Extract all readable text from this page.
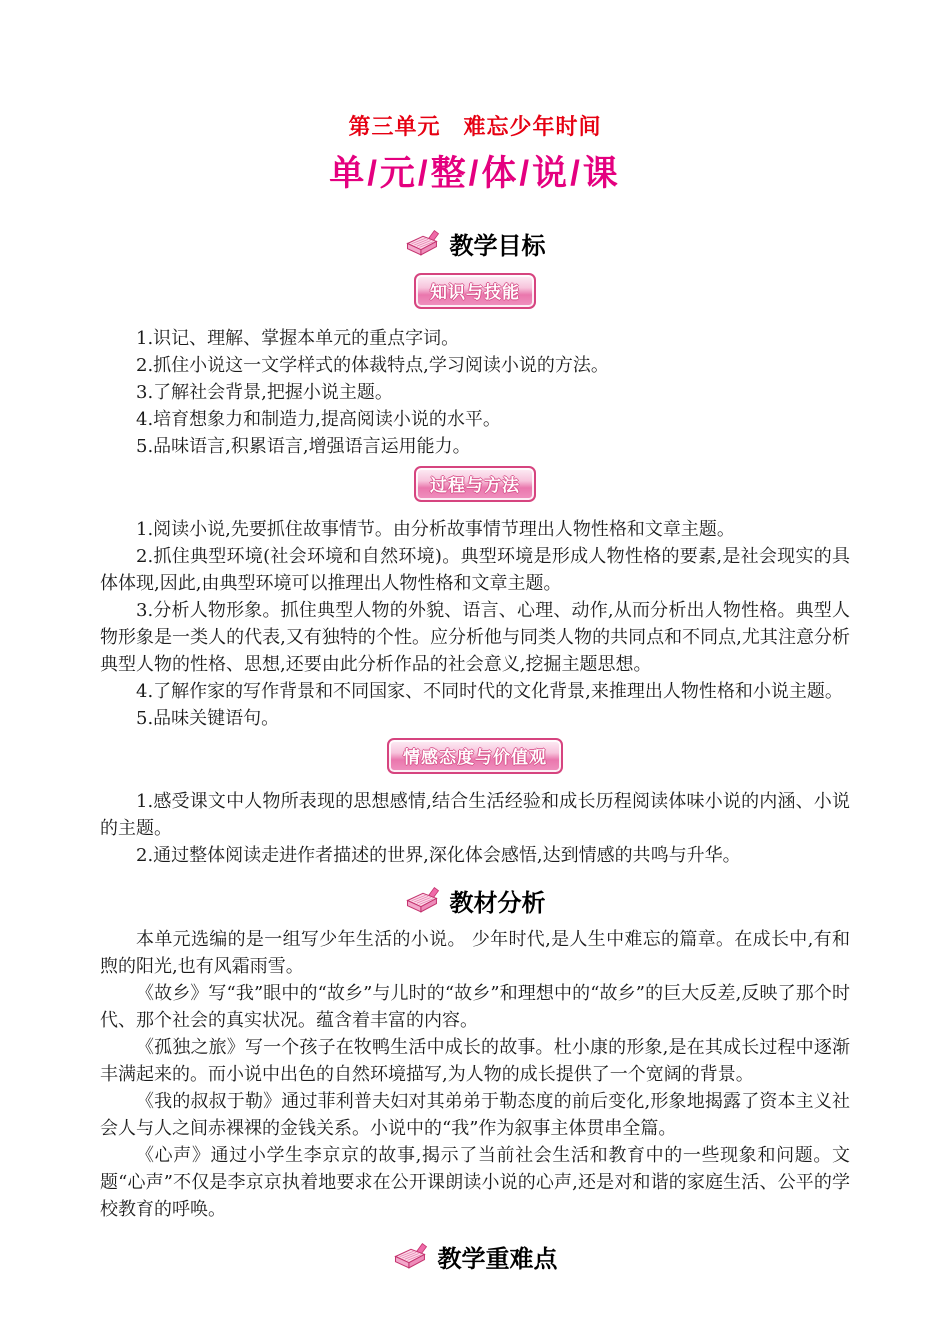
第三单元　难忘少年时间
单/元/整/体/说/课
教学目标
知识与技能

1.识记、理解、掌握本单元的重点字词。

2.抓住小说这一文学样式的体裁特点,学习阅读小说的方法。

3.了解社会背景,把握小说主题。

4.培育想象力和制造力,提高阅读小说的水平。

5.品味语言,积累语言,增强语言运用能力。

过程与方法

1.阅读小说,先要抓住故事情节。由分析故事情节理出人物性格和文章主题。

2.抓住典型环境(社会环境和自然环境)。典型环境是形成人物性格的要素,是社会现实的具体体现,因此,由典型环境可以推理出人物性格和文章主题。

3.分析人物形象。抓住典型人物的外貌、语言、心理、动作,从而分析出人物性格。典型人物形象是一类人的代表,又有独特的个性。应分析他与同类人物的共同点和不同点,尤其注意分析典型人物的性格、思想,还要由此分析作品的社会意义,挖掘主题思想。

4.了解作家的写作背景和不同国家、不同时代的文化背景,来推理出人物性格和小说主题。

5.品味关键语句。

情感态度与价值观

1.感受课文中人物所表现的思想感情,结合生活经验和成长历程阅读体味小说的内涵、小说的主题。

2.通过整体阅读走进作者描述的世界,深化体会感悟,达到情感的共鸣与升华。

教材分析

本单元选编的是一组写少年生活的小说。 少年时代,是人生中难忘的篇章。在成长中,有和煦的阳光,也有风霜雨雪。

《故乡》写“我”眼中的“故乡”与儿时的“故乡”和理想中的“故乡”的巨大反差,反映了那个时代、那个社会的真实状况。蕴含着丰富的内容。

《孤独之旅》写一个孩子在牧鸭生活中成长的故事。杜小康的形象,是在其成长过程中逐渐丰满起来的。而小说中出色的自然环境描写,为人物的成长提供了一个宽阔的背景。

《我的叔叔于勒》通过菲利普夫妇对其弟弟于勒态度的前后变化,形象地揭露了资本主义社会人与人之间赤裸裸的金钱关系。小说中的“我”作为叙事主体贯串全篇。

《心声》通过小学生李京京的故事,揭示了当前社会生活和教育中的一些现象和问题。文题“心声”不仅是李京京执着地要求在公开课朗读小说的心声,还是对和谐的家庭生活、公平的学校教育的呼唤。

教学重难点
